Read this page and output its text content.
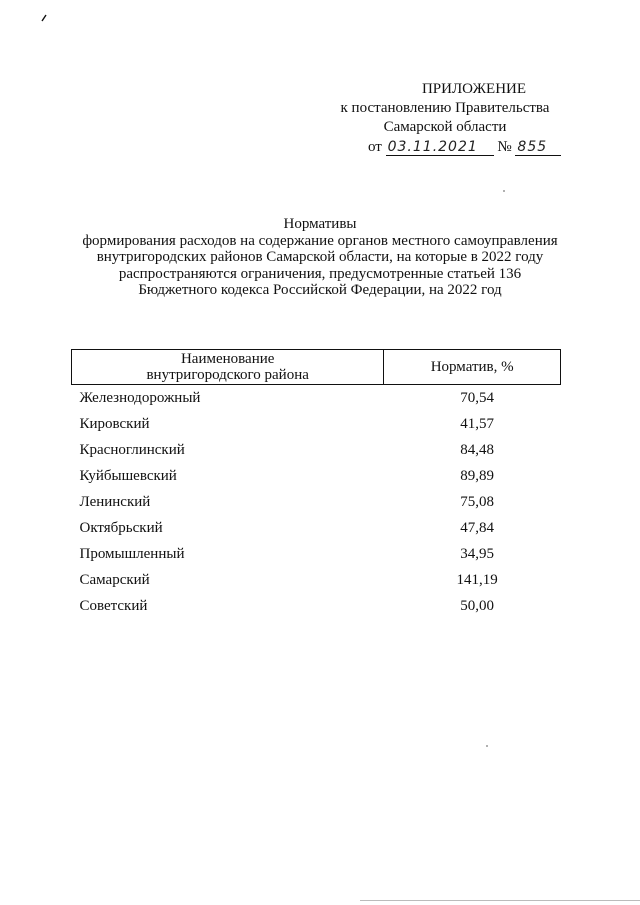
ПРИЛОЖЕНИЕ
к постановлению Правительства
Самарской области
от 03.11.2021 № 855
Нормативы
формирования расходов на содержание органов местного самоуправления
внутригородских районов Самарской области, на которые в 2022 году
распространяются ограничения, предусмотренные статьей 136
Бюджетного кодекса Российской Федерации, на 2022 год
Наименование
внутригородского района	Норматив, %
Железнодорожный	70,54
Кировский	41,57
Красноглинский	84,48
Куйбышевский	89,89
Ленинский	75,08
Октябрьский	47,84
Промышленный	34,95
Самарский	141,19
Советский	50,00
